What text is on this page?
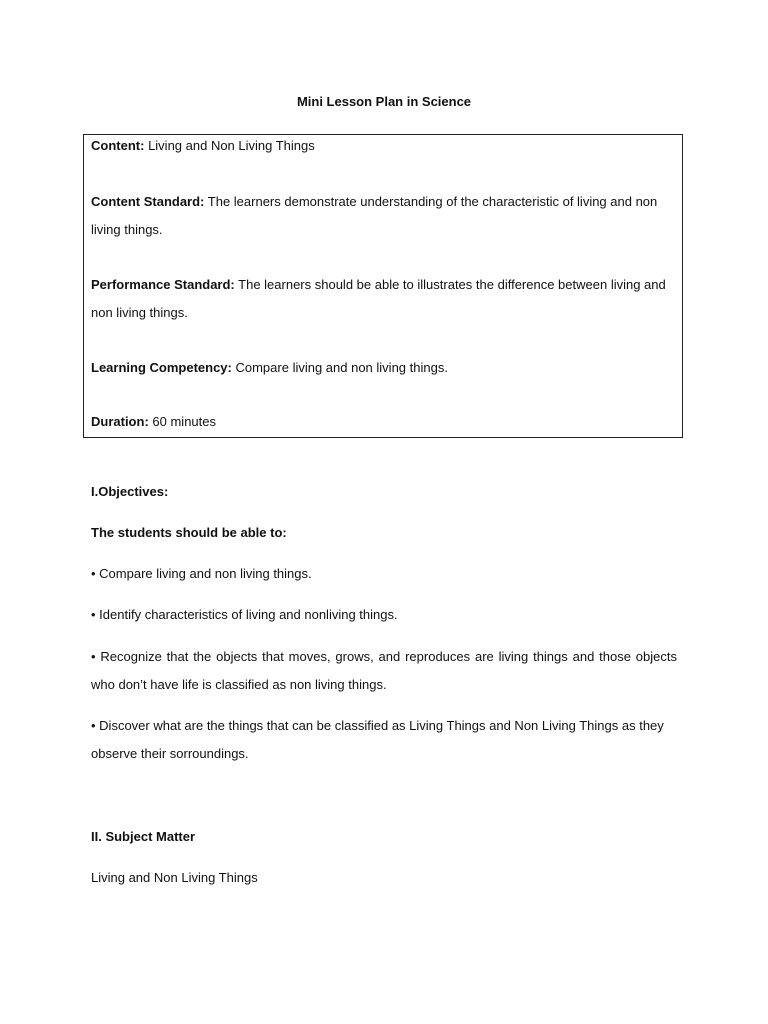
Mini Lesson Plan in Science
Content: Living and Non Living Things
Content Standard: The learners demonstrate understanding of the characteristic of living and non living things.
Performance Standard: The learners should be able to illustrates the difference between living and non living things.
Learning Competency: Compare living and non living things.
Duration: 60 minutes
I.Objectives:
The students should be able to:
• Compare living and non living things.
• Identify characteristics of living and nonliving things.
• Recognize that the objects that moves, grows, and reproduces are living things and those objects who don’t have life is classified as non living things.
• Discover what are the things that can be classified as Living Things and Non Living Things as they observe their sorroundings.
II. Subject Matter
Living and Non Living Things
